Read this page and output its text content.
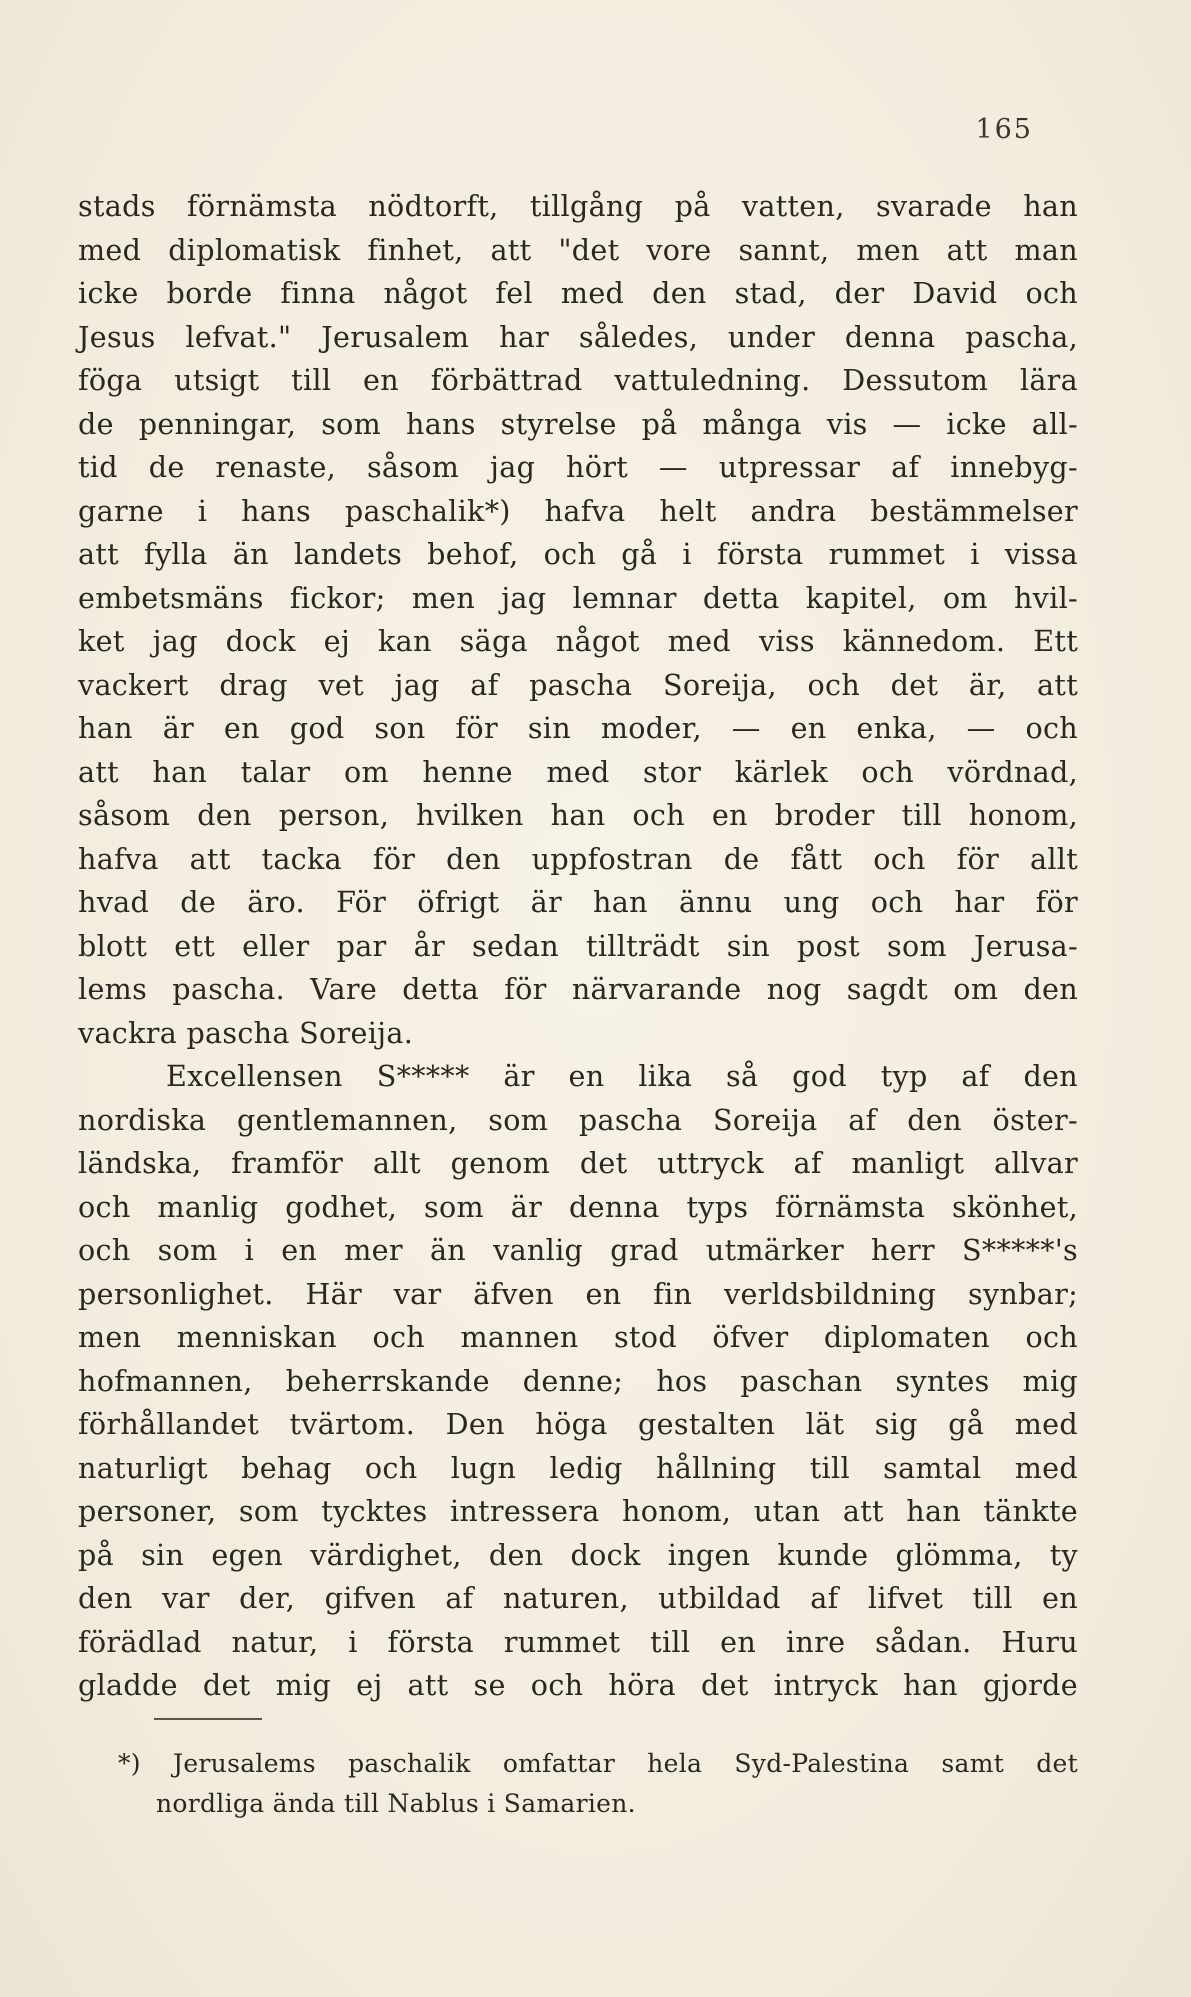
165
stads förnämsta nödtorft, tillgång på vatten, svarade han
med diplomatisk finhet, att "det vore sannt, men att man
icke borde finna något fel med den stad, der David och
Jesus lefvat." Jerusalem har således, under denna pascha,
föga utsigt till en förbättrad vattuledning. Dessutom lära
de penningar, som hans styrelse på många vis — icke all-
tid de renaste, såsom jag hört — utpressar af innebyg-
garne i hans paschalik*) hafva helt andra bestämmelser
att fylla än landets behof, och gå i första rummet i vissa
embetsmäns fickor; men jag lemnar detta kapitel, om hvil-
ket jag dock ej kan säga något med viss kännedom. Ett
vackert drag vet jag af pascha Soreija, och det är, att
han är en god son för sin moder, — en enka, — och
att han talar om henne med stor kärlek och vördnad,
såsom den person, hvilken han och en broder till honom,
hafva att tacka för den uppfostran de fått och för allt
hvad de äro. För öfrigt är han ännu ung och har för
blott ett eller par år sedan tillträdt sin post som Jerusa-
lems pascha. Vare detta för närvarande nog sagdt om den
vackra pascha Soreija.
Excellensen S***** är en lika så god typ af den
nordiska gentlemannen, som pascha Soreija af den öster-
ländska, framför allt genom det uttryck af manligt allvar
och manlig godhet, som är denna typs förnämsta skönhet,
och som i en mer än vanlig grad utmärker herr S*****'s
personlighet. Här var äfven en fin verldsbildning synbar;
men menniskan och mannen stod öfver diplomaten och
hofmannen, beherrskande denne; hos paschan syntes mig
förhållandet tvärtom. Den höga gestalten lät sig gå med
naturligt behag och lugn ledig hållning till samtal med
personer, som tycktes intressera honom, utan att han tänkte
på sin egen värdighet, den dock ingen kunde glömma, ty
den var der, gifven af naturen, utbildad af lifvet till en
förädlad natur, i första rummet till en inre sådan. Huru
gladde det mig ej att se och höra det intryck han gjorde
*) Jerusalems paschalik omfattar hela Syd-Palestina samt det
nordliga ända till Nablus i Samarien.
